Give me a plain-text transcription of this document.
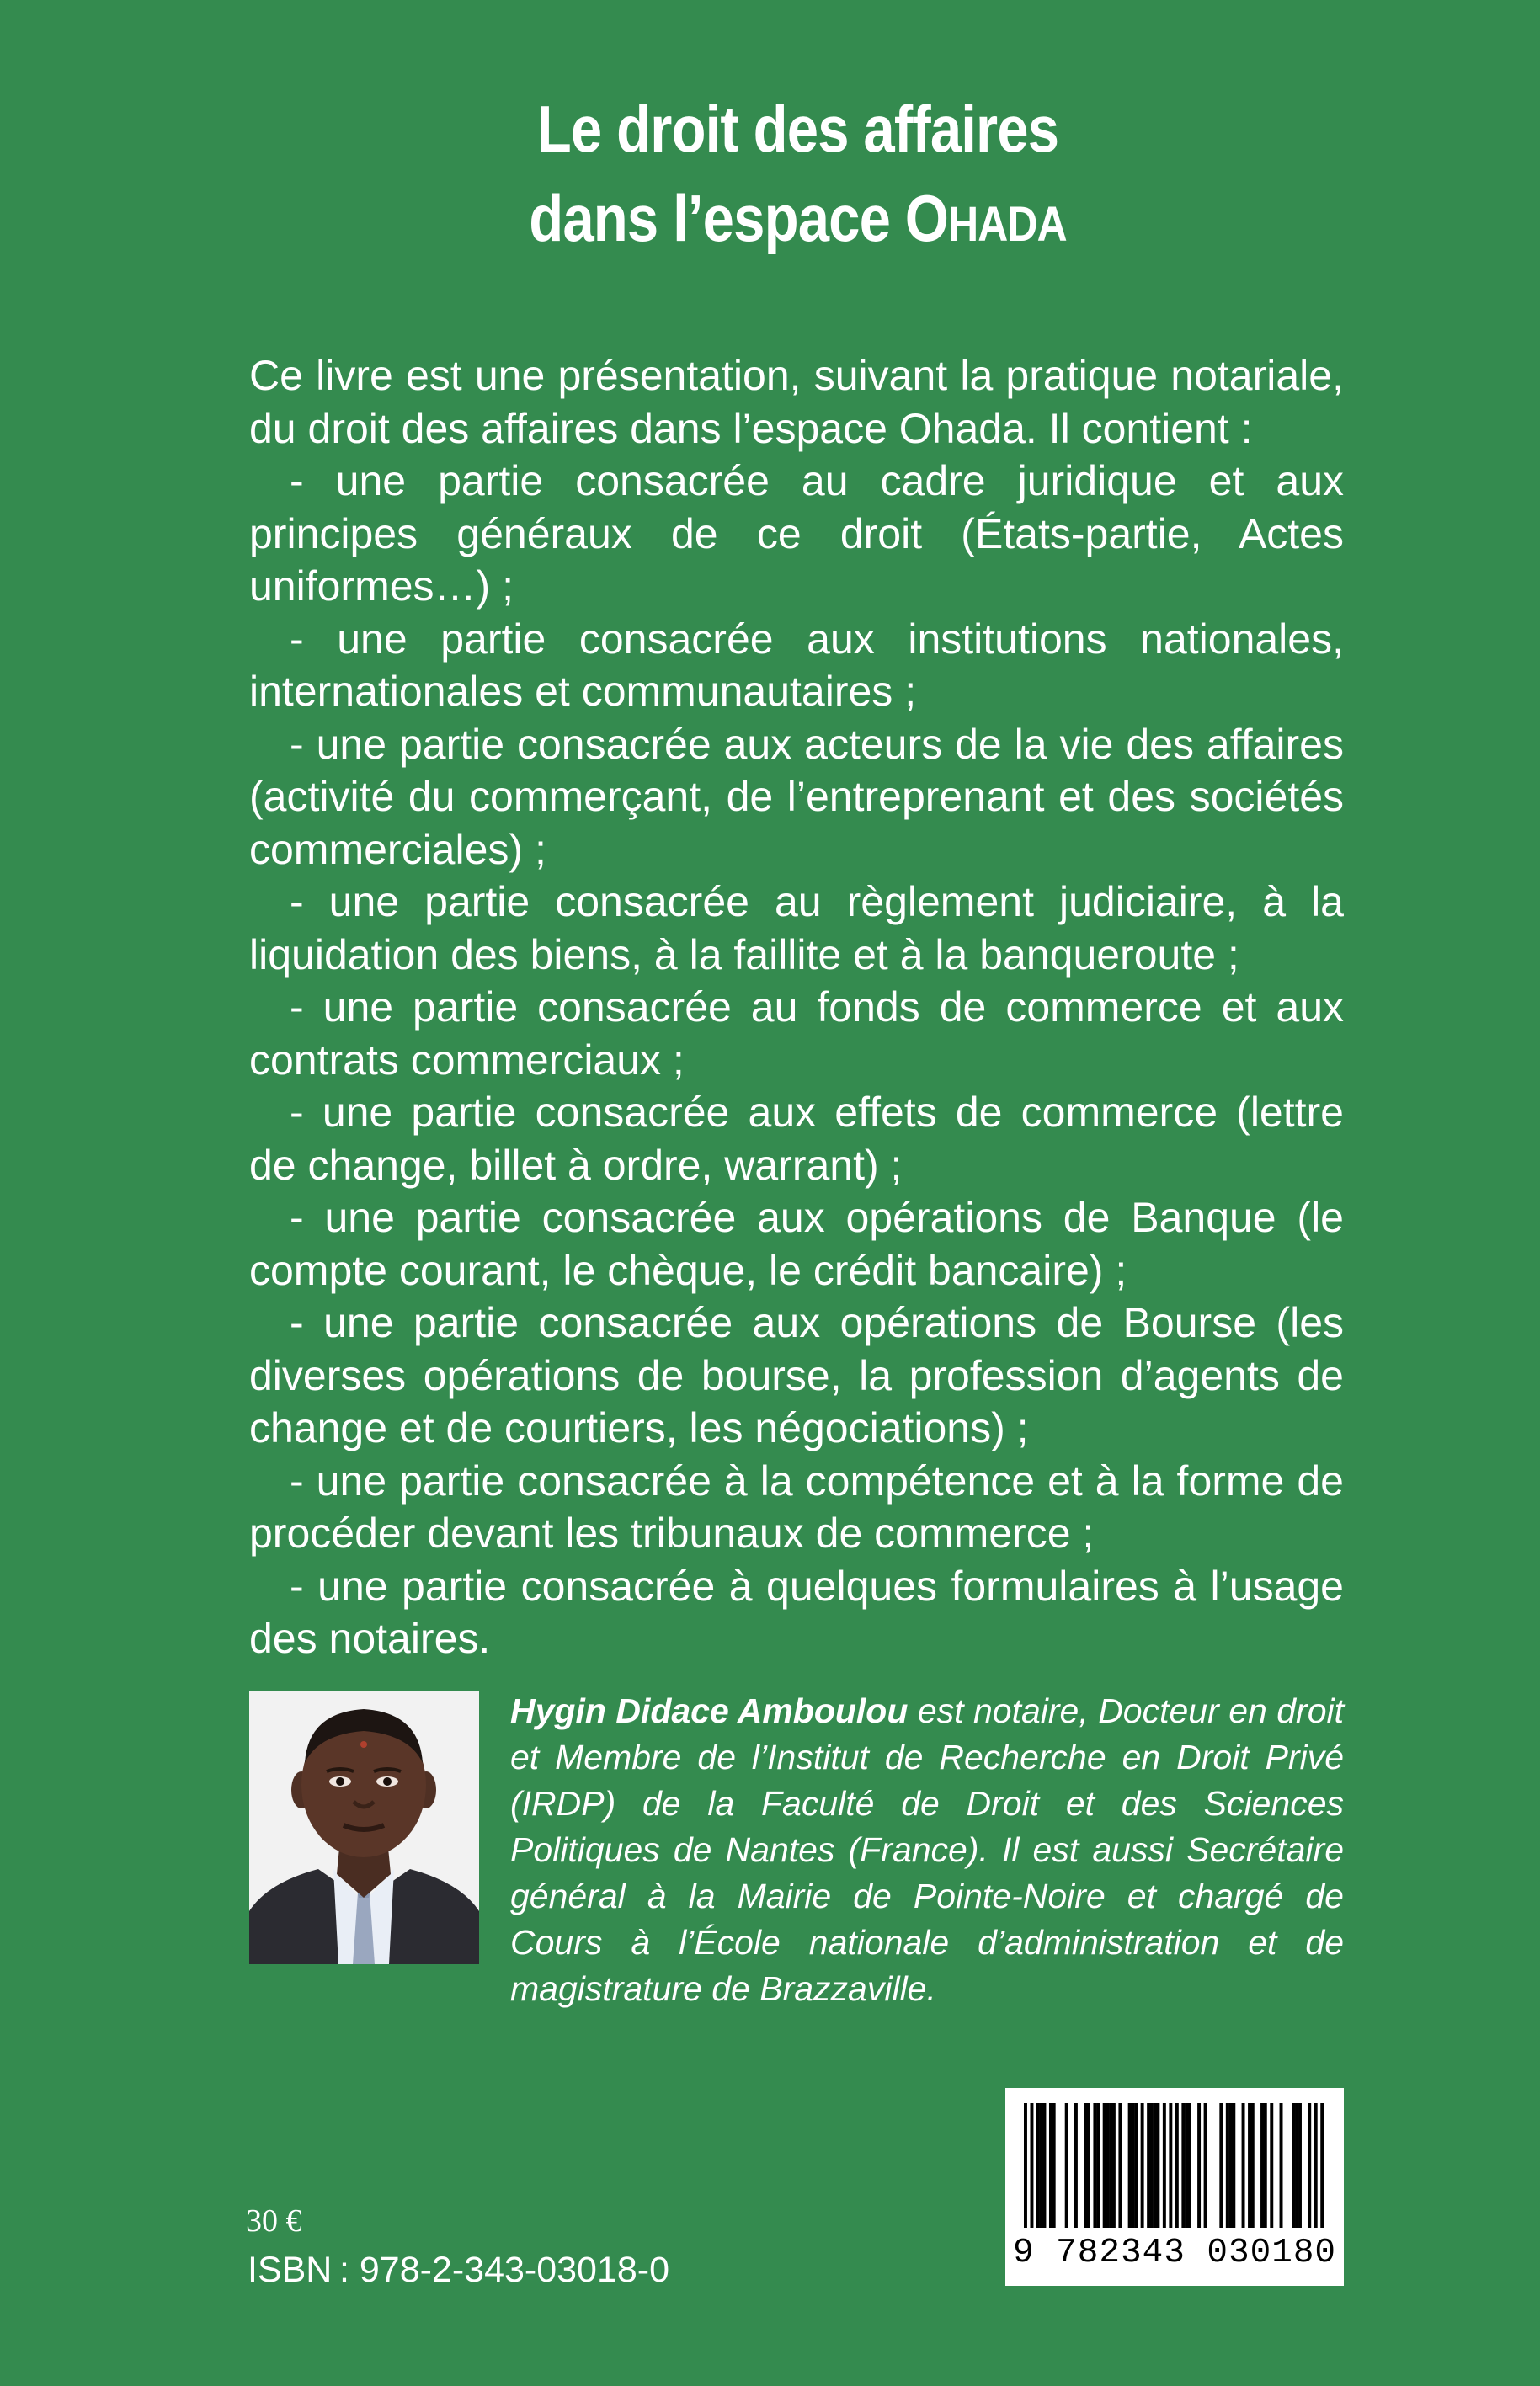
Le droit des affaires
dans l’espace OHADA

Ce livre est une présentation, suivant la pratique notariale, du droit des affaires dans l’espace Ohada. Il contient :

- une partie consacrée au cadre juridique et aux principes généraux de ce droit (États-partie, Actes uniformes…) ;

- une partie consacrée aux institutions nationales, internationales et communautaires ;

- une partie consacrée aux acteurs de la vie des affaires (activité du commerçant, de l’entreprenant et des sociétés commerciales) ;

- une partie consacrée au règlement judiciaire, à la liquidation des biens, à la faillite et à la banqueroute ;

- une partie consacrée au fonds de commerce et aux contrats commerciaux ;

- une partie consacrée aux effets de commerce (lettre de change, billet à ordre, warrant) ;

- une partie consacrée aux opérations de Banque (le compte courant, le chèque, le crédit bancaire) ;

- une partie consacrée aux opérations de Bourse (les diverses opérations de bourse, la profession d’agents de change et de courtiers, les négociations) ;

- une partie consacrée à la compétence et à la forme de procéder devant les tribunaux de commerce ;

- une partie consacrée à quelques formulaires à l’usage des notaires.

Hygin Didace Amboulou est notaire, Docteur en droit et Membre de l’Institut de Recherche en Droit Privé (IRDP) de la Faculté de Droit et des Sciences Politiques de Nantes (France). Il est aussi Secrétaire général à la Mairie de Pointe-Noire et chargé de Cours à l’École nationale d’administration et de magistrature de Brazzaville.
30 €
ISBN : 978-2-343-03018-0	9 782343 030180
